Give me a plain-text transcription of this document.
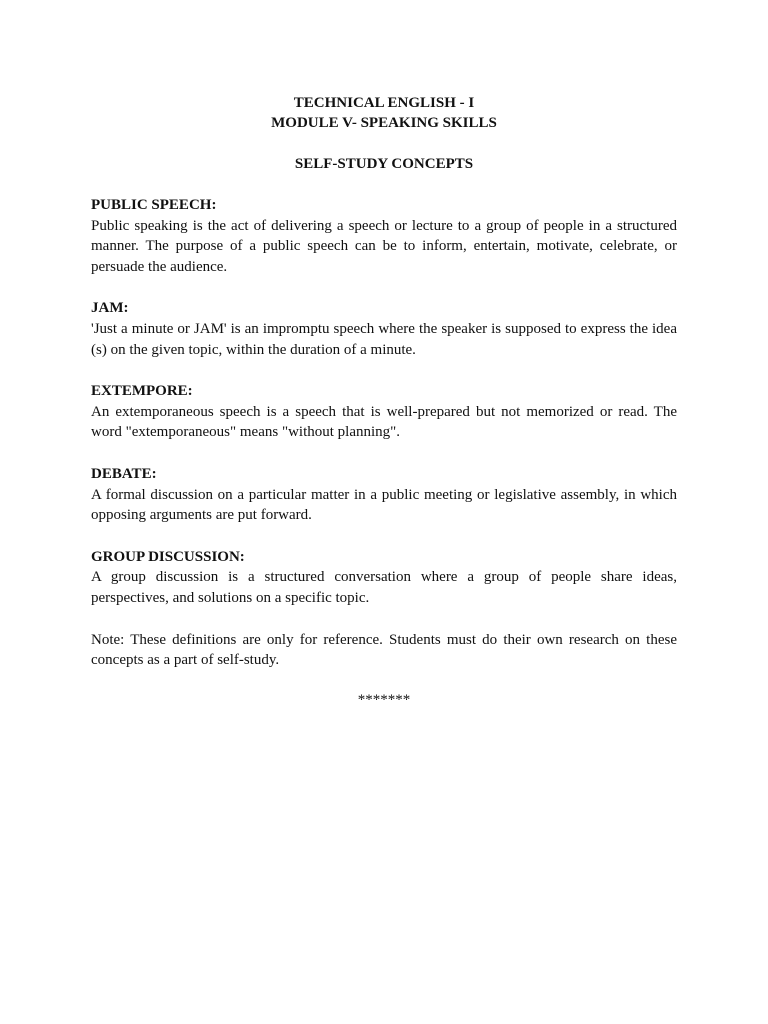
TECHNICAL ENGLISH - I

MODULE V- SPEAKING SKILLS

SELF-STUDY CONCEPTS

PUBLIC SPEECH:

Public speaking is the act of delivering a speech or lecture to a group of people in a structured manner. The purpose of a public speech can be to inform, entertain, motivate, celebrate, or persuade the audience.

JAM:

'Just a minute or JAM' is an impromptu speech where the speaker is supposed to express the idea (s) on the given topic, within the duration of a minute.

EXTEMPORE:

An extemporaneous speech is a speech that is well-prepared but not memorized or read. The word "extemporaneous" means "without planning".

DEBATE:

A formal discussion on a particular matter in a public meeting or legislative assembly, in which opposing arguments are put forward.

GROUP DISCUSSION:

A group discussion is a structured conversation where a group of people share ideas, perspectives, and solutions on a specific topic.

Note: These definitions are only for reference. Students must do their own research on these concepts as a part of self-study.

*******
